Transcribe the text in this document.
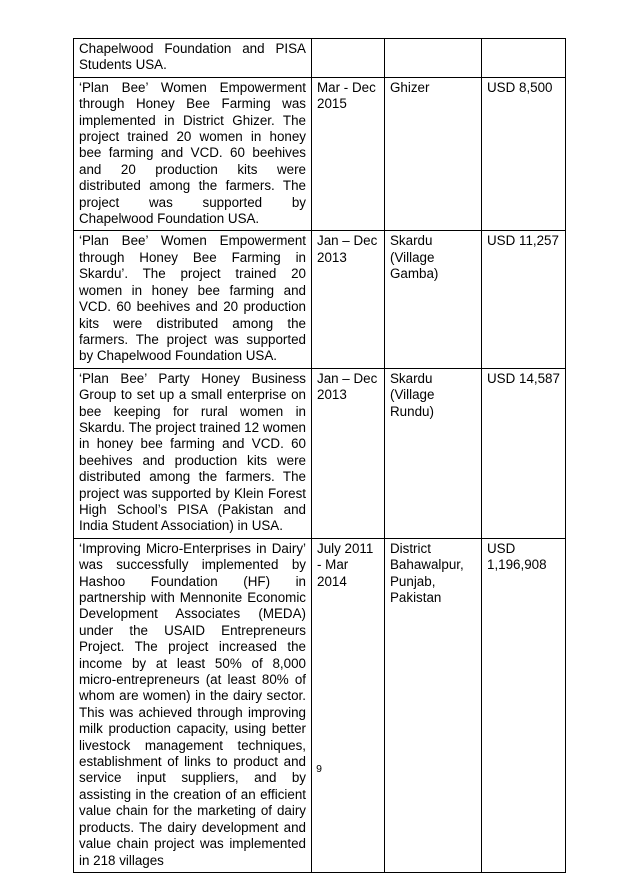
Chapelwood Foundation and PISA Students USA.			
‘Plan Bee’ Women Empowerment through Honey Bee Farming was implemented in District Ghizer. The project trained 20 women in honey bee farming and VCD. 60 beehives and 20 production kits were distributed among the farmers. The project was supported by Chapelwood Foundation USA.	Mar - Dec 2015	Ghizer	USD 8,500
‘Plan Bee’ Women Empowerment through Honey Bee Farming in Skardu’. The project trained 20 women in honey bee farming and VCD. 60 beehives and 20 production kits were distributed among the farmers. The project was supported by Chapelwood Foundation USA.	Jan – Dec 2013	Skardu (Village Gamba)	USD 11,257
‘Plan Bee’ Party Honey Business Group to set up a small enterprise on bee keeping for rural women in Skardu. The project trained 12 women in honey bee farming and VCD. 60 beehives and production kits were distributed among the farmers. The project was supported by Klein Forest High School’s PISA (Pakistan and India Student Association) in USA.	Jan – Dec 2013	Skardu (Village Rundu)	USD 14,587
‘Improving Micro-Enterprises in Dairy’ was successfully implemented by Hashoo Foundation (HF) in partnership with Mennonite Economic Development Associates (MEDA) under the USAID Entrepreneurs Project. The project increased the income by at least 50% of 8,000 micro-entrepreneurs (at least 80% of whom are women) in the dairy sector. This was achieved through improving milk production capacity, using better livestock management techniques, establishment of links to product and service input suppliers, and by assisting in the creation of an efficient value chain for the marketing of dairy products. The dairy development and value chain project was implemented in 218 villages	July 2011 - Mar 2014	District Bahawalpur, Punjab, Pakistan	USD 1,196,908
9
